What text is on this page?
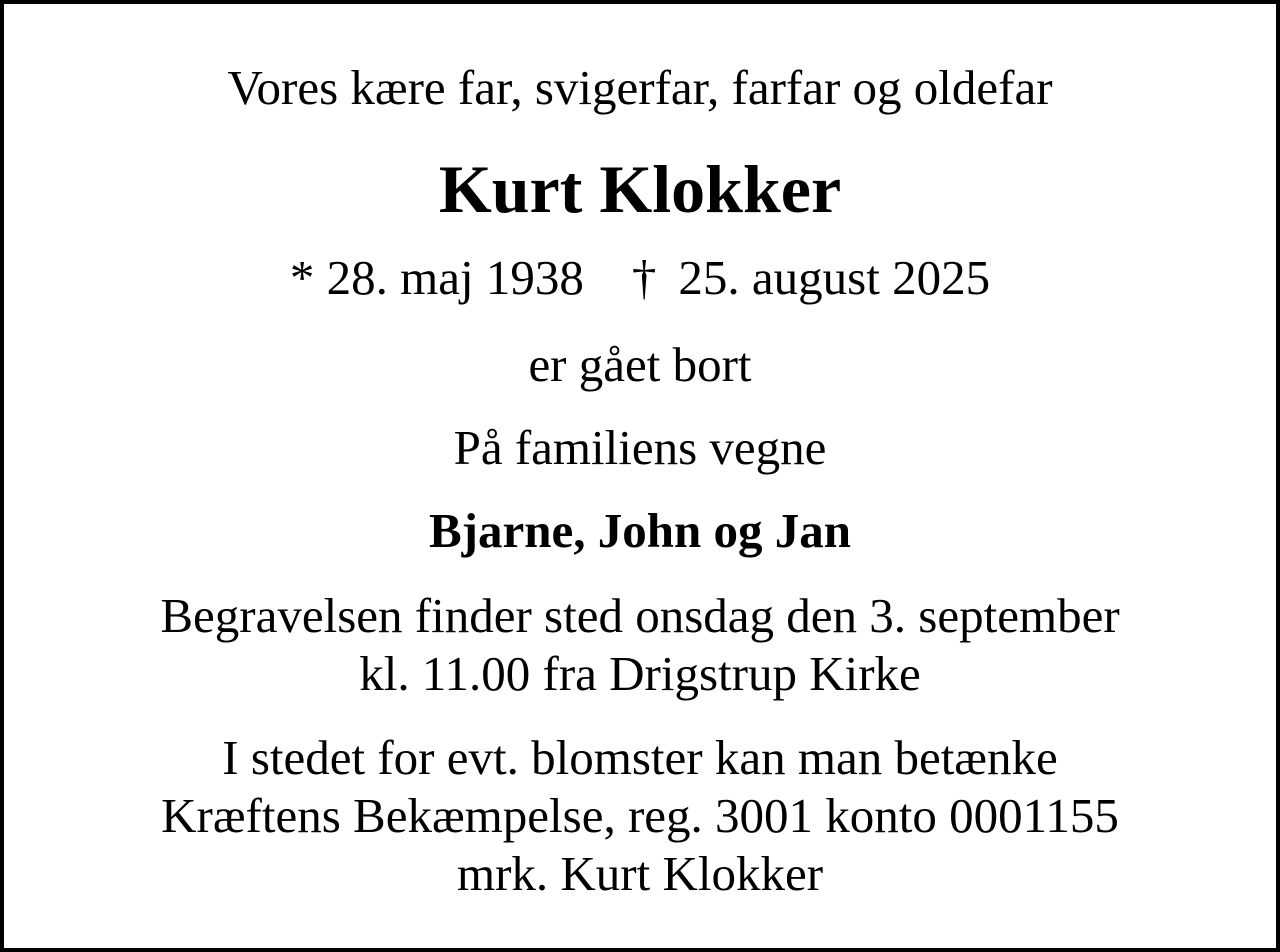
Vores kære far, svigerfar, farfar og oldefar
Kurt Klokker
* 28. maj 1938 † 25. august 2025
er gået bort
På familiens vegne
Bjarne, John og Jan
Begravelsen finder sted onsdag den 3. september
kl. 11.00 fra Drigstrup Kirke
I stedet for evt. blomster kan man betænke
Kræftens Bekæmpelse, reg. 3001 konto 0001155
mrk. Kurt Klokker
